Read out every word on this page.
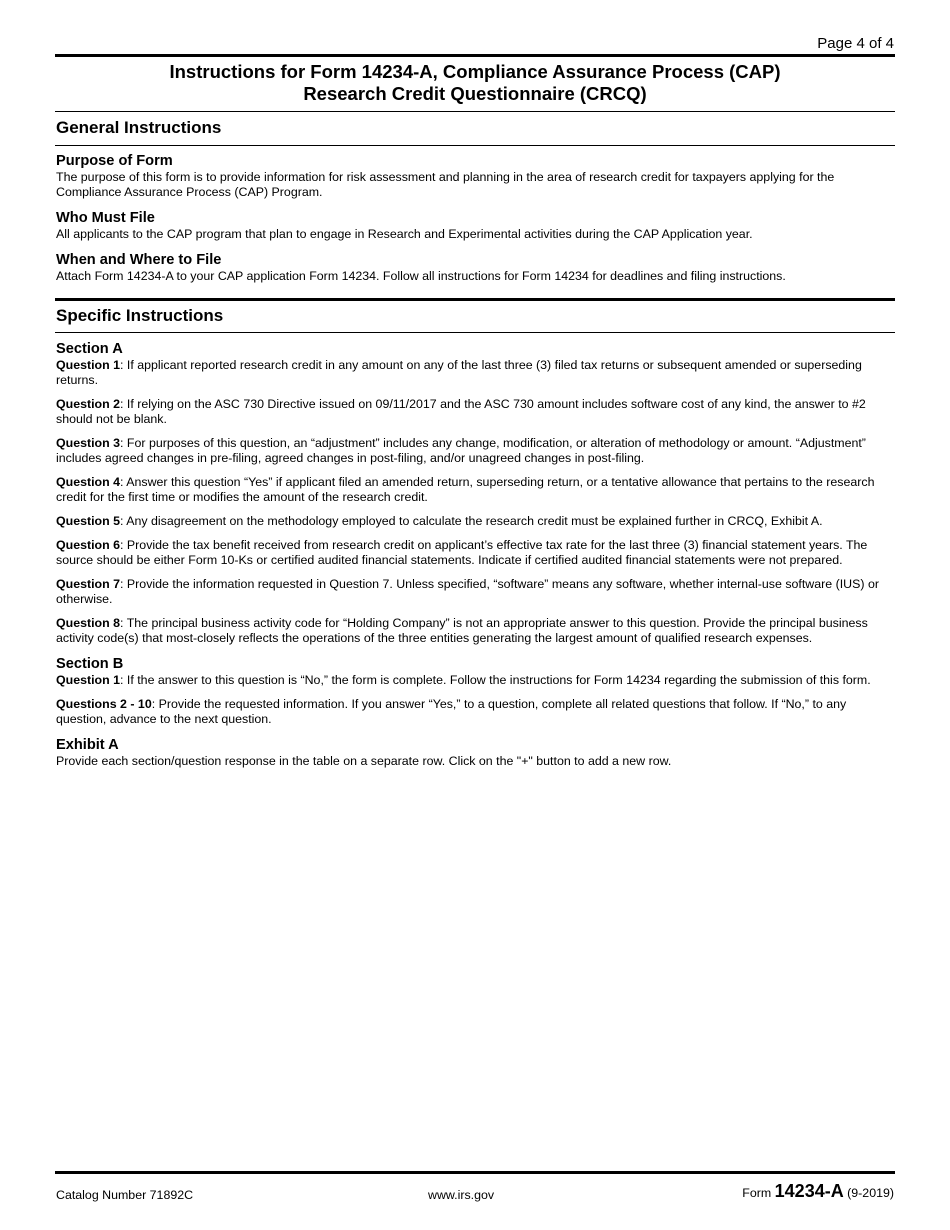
Page 4 of 4
Instructions for Form 14234-A, Compliance Assurance Process (CAP)
Research Credit Questionnaire (CRCQ)
General Instructions
Purpose of Form
The purpose of this form is to provide information for risk assessment and planning in the area of research credit for taxpayers applying for the Compliance Assurance Process (CAP) Program.
Who Must File
All applicants to the CAP program that plan to engage in Research and Experimental activities during the CAP Application year.
When and Where to File
Attach Form 14234-A to your CAP application Form 14234. Follow all instructions for Form 14234 for deadlines and filing instructions.
Specific Instructions
Section A
Question 1: If applicant reported research credit in any amount on any of the last three (3) filed tax returns or subsequent amended or superseding returns.
Question 2: If relying on the ASC 730 Directive issued on 09/11/2017 and the ASC 730 amount includes software cost of any kind, the answer to #2 should not be blank.
Question 3: For purposes of this question, an “adjustment” includes any change, modification, or alteration of methodology or amount. “Adjustment” includes agreed changes in pre-filing, agreed changes in post-filing, and/or unagreed changes in post-filing.
Question 4: Answer this question “Yes” if applicant filed an amended return, superseding return, or a tentative allowance that pertains to the research credit for the first time or modifies the amount of the research credit.
Question 5: Any disagreement on the methodology employed to calculate the research credit must be explained further in CRCQ, Exhibit A.
Question 6: Provide the tax benefit received from research credit on applicant’s effective tax rate for the last three (3) financial statement years. The source should be either Form 10-Ks or certified audited financial statements. Indicate if certified audited financial statements were not prepared.
Question 7: Provide the information requested in Question 7. Unless specified, “software” means any software, whether internal-use software (IUS) or otherwise.
Question 8: The principal business activity code for “Holding Company” is not an appropriate answer to this question. Provide the principal business activity code(s) that most-closely reflects the operations of the three entities generating the largest amount of qualified research expenses.
Section B
Question 1: If the answer to this question is “No,” the form is complete. Follow the instructions for Form 14234 regarding the submission of this form.
Questions 2 - 10: Provide the requested information. If you answer “Yes,” to a question, complete all related questions that follow. If “No,” to any question, advance to the next question.
Exhibit A
Provide each section/question response in the table on a separate row. Click on the "+" button to add a new row.
Catalog Number 71892C	www.irs.gov	Form 14234-A (9-2019)
